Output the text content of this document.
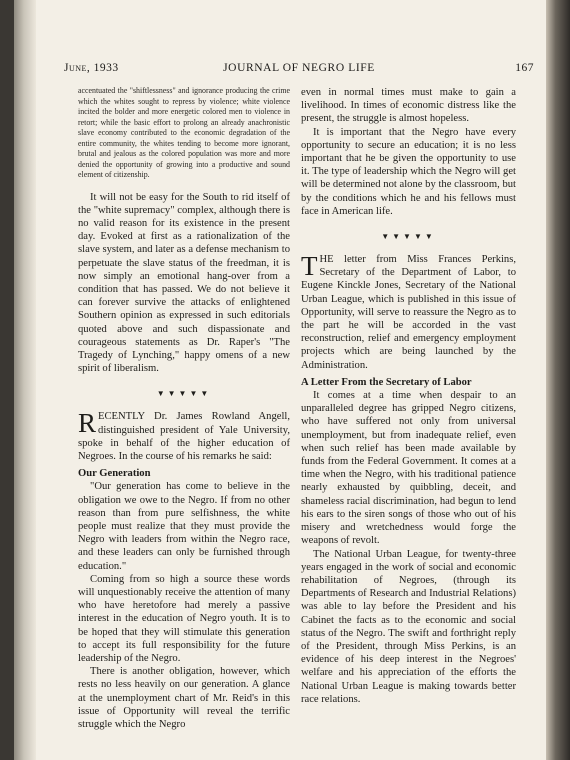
June, 1933	JOURNAL OF NEGRO LIFE	167

accentuated the "shiftlessness" and ignorance producing the crime which the whites sought to repress by violence; white violence incited the bolder and more energetic colored men to violence in retort; while the basic effort to prolong an already anachronistic slave economy contributed to the economic degradation of the entire community, the whites tending to become more ignorant, brutal and jealous as the colored population was more and more denied the opportunity of growing into a productive and sound element of citizenship.

It will not be easy for the South to rid itself of the "white supremacy" complex, although there is no valid reason for its existence in the present day. Evoked at first as a rationalization of the slave system, and later as a defense mechanism to perpetuate the slave status of the freedman, it is now simply an emotional hang-over from a condition that has passed. We do not believe it can forever survive the attacks of enlightened Southern opinion as expressed in such editorials quoted above and such dispassionate and courageous statements as Dr. Raper's "The Tragedy of Lynching," happy omens of a new spirit of liberalism.

▼▼▼▼▼
R ECENTLY Dr. James Rowland Angell, distinguished president of Yale University, spoke in behalf of the higher education of Negroes. In the course of his remarks he said:

Our Generation

"Our generation has come to believe in the obligation we owe to the Negro. If from no other reason than from pure selfishness, the white people must realize that they must provide the Negro with leaders from within the Negro race, and these leaders can only be furnished through education."

Coming from so high a source these words will unquestionably receive the attention of many who have heretofore had merely a passive interest in the education of Negro youth. It is to be hoped that they will stimulate this generation to accept its full responsibility for the future leadership of the Negro.

There is another obligation, however, which rests no less heavily on our generation. A glance at the unemployment chart of Mr. Reid's in this issue of Opportunity will reveal the terrific struggle which the Negro

even in normal times must make to gain a livelihood. In times of economic distress like the present, the struggle is almost hopeless.

It is important that the Negro have every opportunity to secure an education; it is no less important that he be given the opportunity to use it. The type of leadership which the Negro will get will be determined not alone by the classroom, but by the conditions which he and his fellows must face in American life.

▼▼▼▼▼
T HE letter from Miss Frances Perkins, Secretary of the Department of Labor, to Eugene Kinckle Jones, Secretary of the National Urban League, which is published in this issue of Opportunity, will serve to reassure the Negro as to the part he will be accorded in the vast reconstruction, relief and emergency employment projects which are being launched by the Administration.

A Letter From the Secretary of Labor

It comes at a time when despair to an unparalleled degree has gripped Negro citizens, who have suffered not only from universal unemployment, but from inadequate relief, even when such relief has been made available by funds from the Federal Government. It comes at a time when the Negro, with his traditional patience nearly exhausted by quibbling, deceit, and shameless racial discrimination, had begun to lend his ears to the siren songs of those who out of his misery and wretchedness would forge the weapons of revolt.

The National Urban League, for twenty-three years engaged in the work of social and economic rehabilitation of Negroes, (through its Departments of Research and Industrial Relations) was able to lay before the President and his Cabinet the facts as to the economic and social status of the Negro. The swift and forthright reply of the President, through Miss Perkins, is an evidence of his deep interest in the Negroes' welfare and his appreciation of the efforts the National Urban League is making towards better race relations.
